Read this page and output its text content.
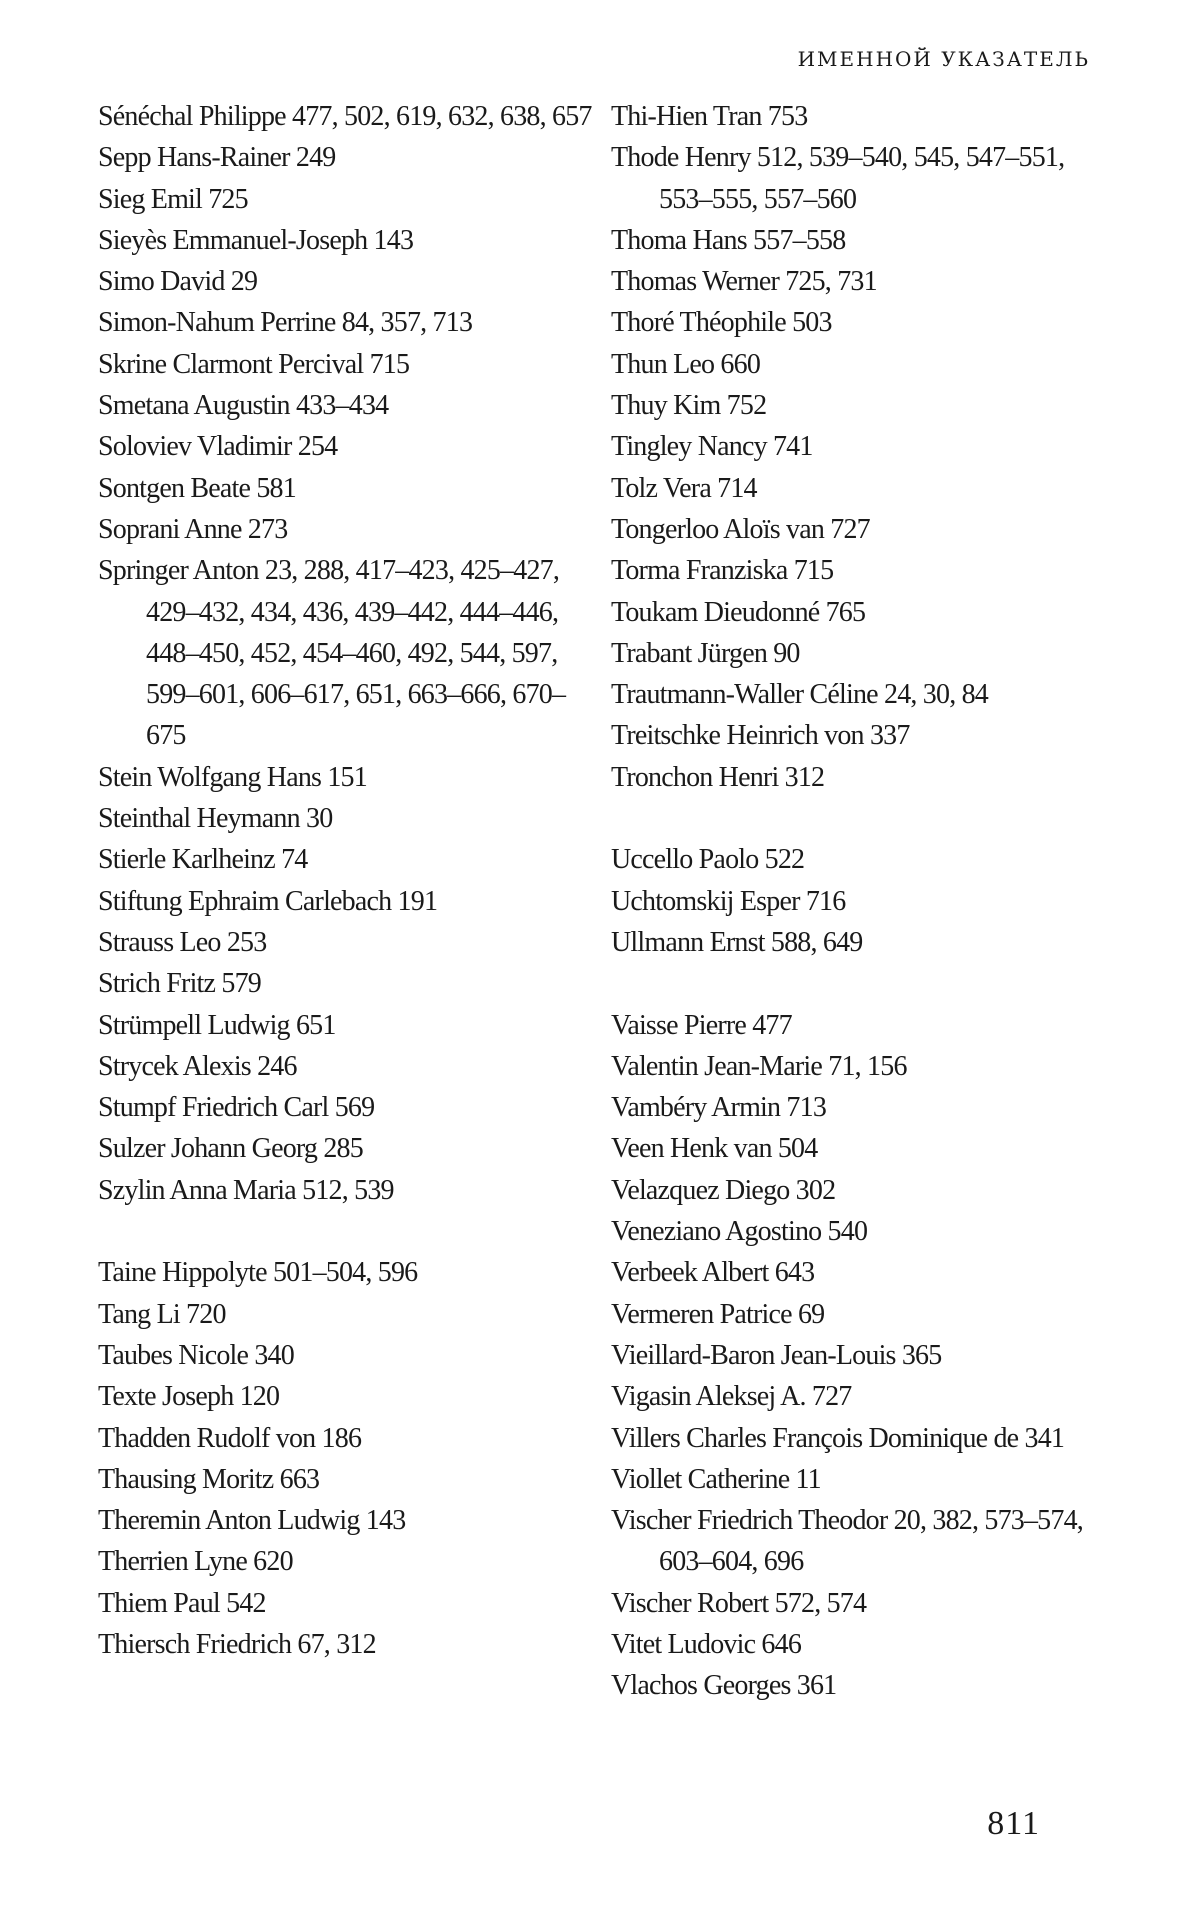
ИМЕННОЙ УКАЗАТЕЛЬ
Sénéchal Philippe 477, 502, 619, 632, 638, 657
Sepp Hans-Rainer 249
Sieg Emil 725
Sieyès Emmanuel-Joseph 143
Simo David 29
Simon-Nahum Perrine 84, 357, 713
Skrine Clarmont Percival 715
Smetana Augustin 433–434
Soloviev Vladimir 254
Sontgen Beate 581
Soprani Anne 273
Springer Anton 23, 288, 417–423, 425–427, 429–432, 434, 436, 439–442, 444–446, 448–450, 452, 454–460, 492, 544, 597, 599–601, 606–617, 651, 663–666, 670–675
Stein Wolfgang Hans 151
Steinthal Heymann 30
Stierle Karlheinz 74
Stiftung Ephraim Carlebach 191
Strauss Leo 253
Strich Fritz 579
Strümpell Ludwig 651
Strycek Alexis 246
Stumpf Friedrich Carl 569
Sulzer Johann Georg 285
Szylin Anna Maria 512, 539
Taine Hippolyte 501–504, 596
Tang Li 720
Taubes Nicole 340
Texte Joseph 120
Thadden Rudolf von 186
Thausing Moritz 663
Theremin Anton Ludwig 143
Therrien Lyne 620
Thiem Paul 542
Thiersch Friedrich 67, 312
Thi-Hien Tran 753
Thode Henry 512, 539–540, 545, 547–551, 553–555, 557–560
Thoma Hans 557–558
Thomas Werner 725, 731
Thoré Théophile 503
Thun Leo 660
Thuy Kim 752
Tingley Nancy 741
Tolz Vera 714
Tongerloo Aloïs van 727
Torma Franziska 715
Toukam Dieudonné 765
Trabant Jürgen 90
Trautmann-Waller Céline 24, 30, 84
Treitschke Heinrich von 337
Tronchon Henri 312
Uccello Paolo 522
Uchtomskij Esper 716
Ullmann Ernst 588, 649
Vaisse Pierre 477
Valentin Jean-Marie 71, 156
Vambéry Armin 713
Veen Henk van 504
Velazquez Diego 302
Veneziano Agostino 540
Verbeek Albert 643
Vermeren Patrice 69
Vieillard-Baron Jean-Louis 365
Vigasin Aleksej A. 727
Villers Charles François Dominique de 341
Viollet Catherine 11
Vischer Friedrich Theodor 20, 382, 573–574, 603–604, 696
Vischer Robert 572, 574
Vitet Ludovic 646
Vlachos Georges 361
811
